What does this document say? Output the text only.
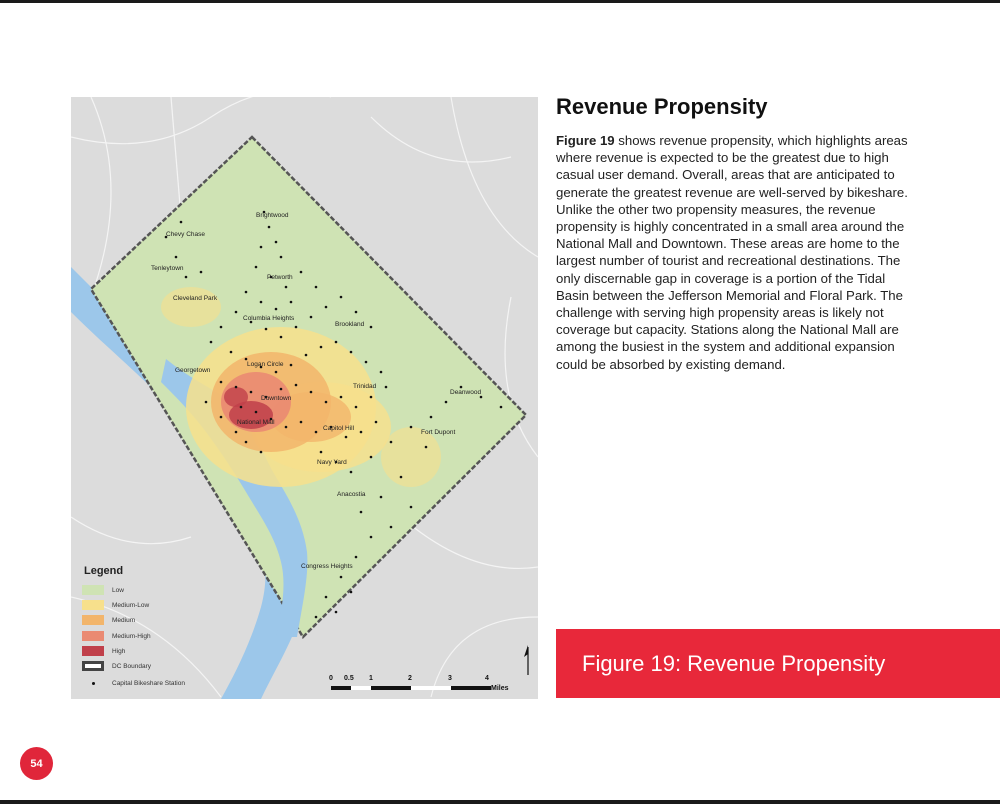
Brightwood
Chevy Chase
Tenleytown
Petworth
Cleveland Park
Columbia Heights
Brookland
Logan Circle
Georgetown
Trinidad
Deanwood
Downtown
National Mall
Capitol Hill
Fort Dupont
Navy Yard
Anacostia
Congress Heights
0 0.5 1	2	3	4
Miles
Legend
Low
Medium-Low
Medium
Medium-High
High
DC Boundary
Capital Bikeshare Station
Revenue Propensity
Figure 19 shows revenue propensity, which highlights areas where revenue is expected to be the greatest due to high casual user demand. Overall, areas that are anticipated to generate the greatest revenue are well-served by bikeshare. Unlike the other two propensity measures, the revenue propensity is highly concentrated in a small area around the National Mall and Downtown. These areas are home to the largest number of tourist and recreational destinations. The only discernable gap in coverage is a portion of the Tidal Basin between the Jefferson Memorial and Floral Park. The challenge with serving high propensity areas is likely not coverage but capacity. Stations along the National Mall are among the busiest in the system and additional expansion could be absorbed by existing demand.
Figure 19: Revenue Propensity
54
